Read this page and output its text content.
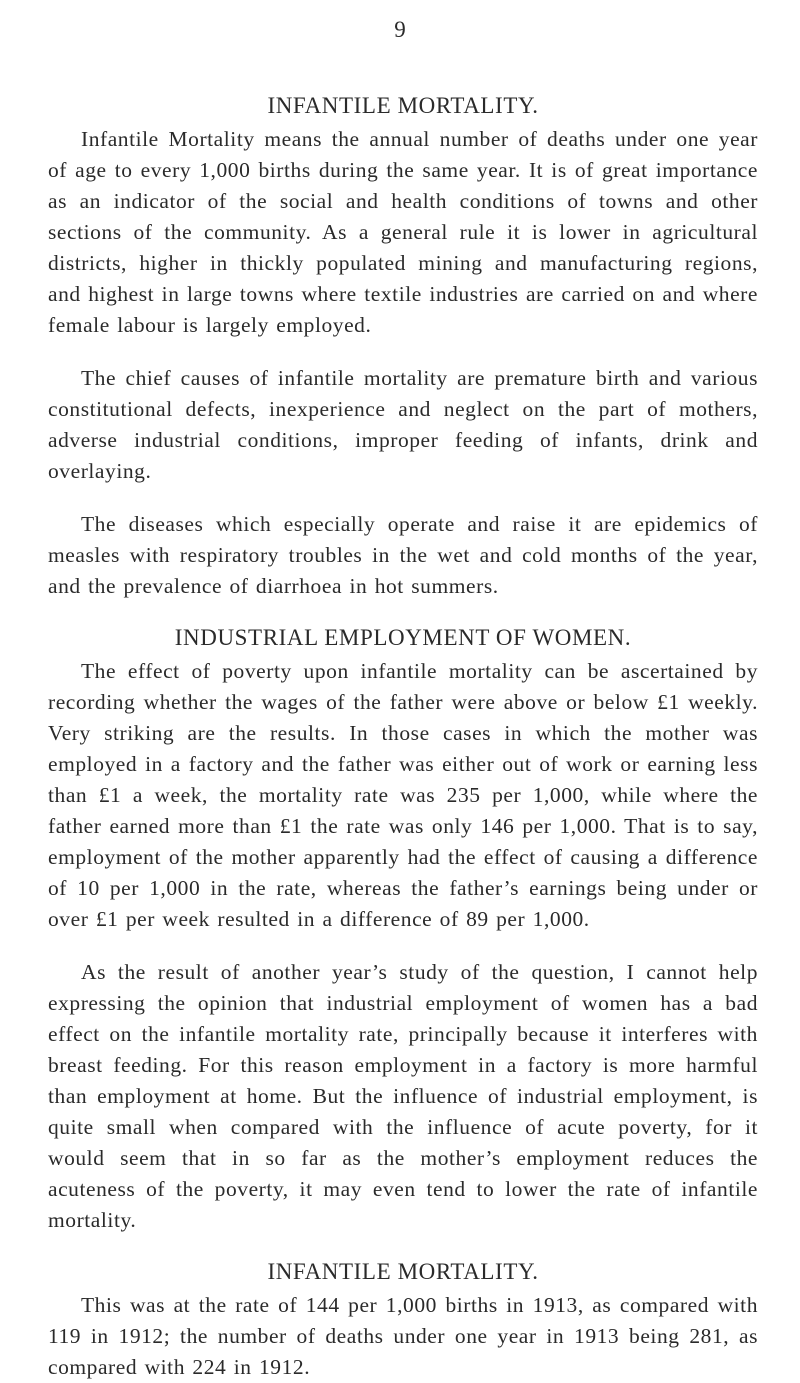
9
INFANTILE MORTALITY.

Infantile Mortality means the annual number of deaths under one year of age to every 1,000 births during the same year. It is of great importance as an indicator of the social and health conditions of towns and other sections of the community. As a general rule it is lower in agricultural districts, higher in thickly populated mining and manufacturing regions, and highest in large towns where textile industries are carried on and where female labour is largely employed.

The chief causes of infantile mortality are premature birth and various constitutional defects, inexperience and neglect on the part of mothers, adverse industrial conditions, improper feeding of infants, drink and overlaying.

The diseases which especially operate and raise it are epidemics of measles with respiratory troubles in the wet and cold months of the year, and the prevalence of diarrhoea in hot summers.

INDUSTRIAL EMPLOYMENT OF WOMEN.

The effect of poverty upon infantile mortality can be ascertained by recording whether the wages of the father were above or below £1 weekly. Very striking are the results. In those cases in which the mother was employed in a factory and the father was either out of work or earning less than £1 a week, the mortality rate was 235 per 1,000, while where the father earned more than £1 the rate was only 146 per 1,000. That is to say, employment of the mother apparently had the effect of causing a difference of 10 per 1,000 in the rate, whereas the father’s earnings being under or over £1 per week resulted in a difference of 89 per 1,000.

As the result of another year’s study of the question, I cannot help expressing the opinion that industrial employment of women has a bad effect on the infantile mortality rate, principally because it interferes with breast feeding. For this reason employment in a factory is more harmful than employment at home. But the influence of industrial employment, is quite small when compared with the influence of acute poverty, for it would seem that in so far as the mother’s employment reduces the acuteness of the poverty, it may even tend to lower the rate of infantile mortality.

INFANTILE MORTALITY.

This was at the rate of 144 per 1,000 births in 1913, as compared with 119 in 1912; the number of deaths under one year in 1913 being 281, as compared with 224 in 1912.
